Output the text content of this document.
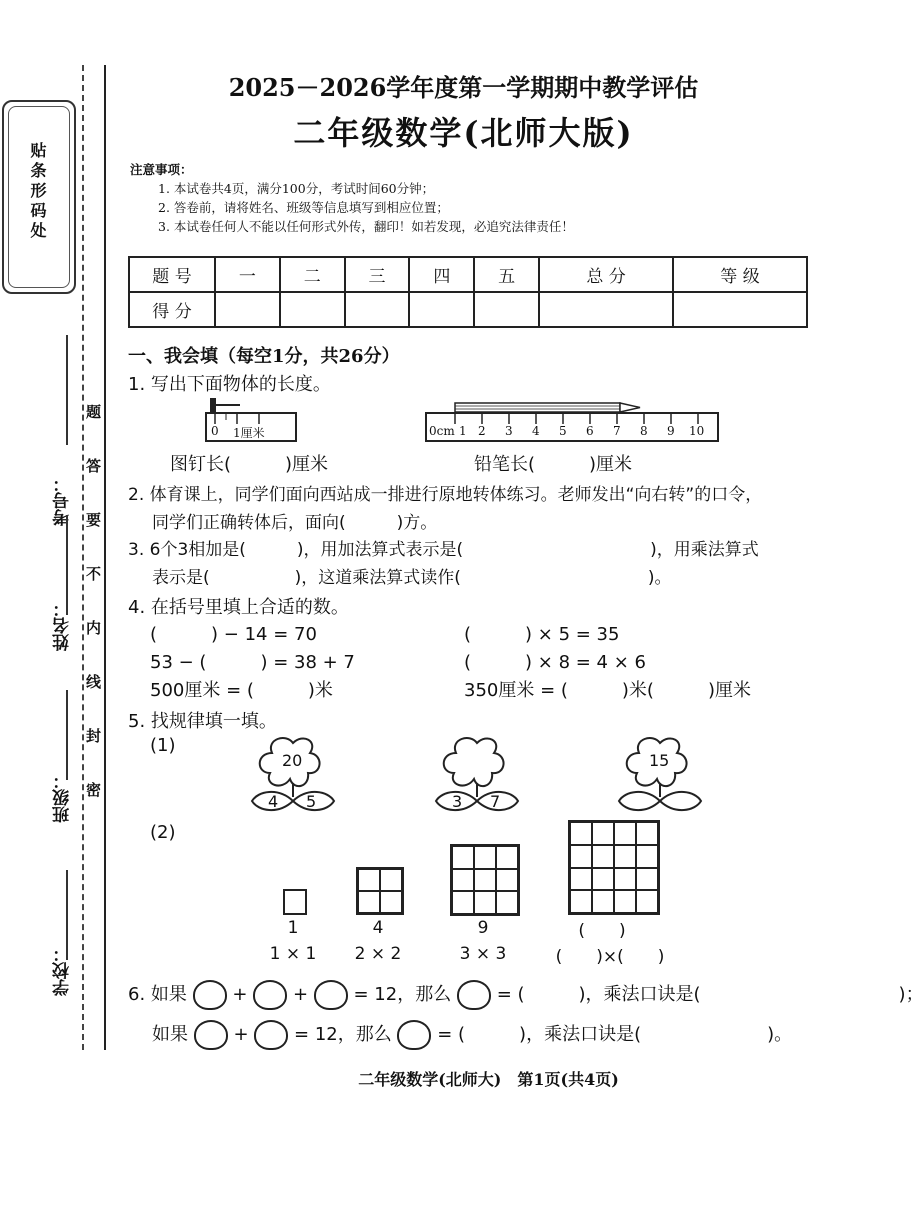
贴条形码处
题
答
要
不
内
线
封
密
考号：
姓名：
班级：
学校：
2025－2026学年度第一学期期中教学评估
二年级数学(北师大版)
注意事项：
1. 本试卷共4页，满分100分，考试时间60分钟；
2. 答卷前，请将姓名、班级等信息填写到相应位置；
3. 本试卷任何人不能以任何形式外传，翻印！如若发现，必追究法律责任！
题 号	一	二	三	四	五	总 分	等 级
得 分							
一、我会填（每空1分，共26分）
1. 写出下面物体的长度。
0 1厘米	0cm 2 3 4 5 6 7 8 9 10
1
图钉长(　　　)厘米	铅笔长(　　　)厘米
2. 体育课上，同学们面向西站成一排进行原地转体练习。老师发出“向右转”的口令，
同学们正确转体后，面向(　　　)方。
3. 6个3相加是(　　　)，用加法算式表示是(　　　　　　　　　　　)，用乘法算式
表示是(　　　　　)，这道乘法算式读作(　　　　　　　　　　　)。
4. 在括号里填上合适的数。
(　　　) − 14 = 70	(　　　) × 5 = 35
53 − (　　　) = 38 + 7	(　　　) × 8 = 4 × 6
500厘米 = (　　　)米	350厘米 = (　　　)米(　　　)厘米
5. 找规律填一填。
(1)
20
4 5	3 7
15
(2)
1	4	9	(　　)
1 × 1	2 × 2	3 × 3	(　　)×(　　)
6. 如果	+	+	= 12，那么	= (　　　)，乘法口诀是(　　　　　　　　　　　)；
如果	+	= 12，那么	= (　　　)，乘法口诀是(　　　　　　　)。
二年级数学(北师大)　第1页(共4页)
